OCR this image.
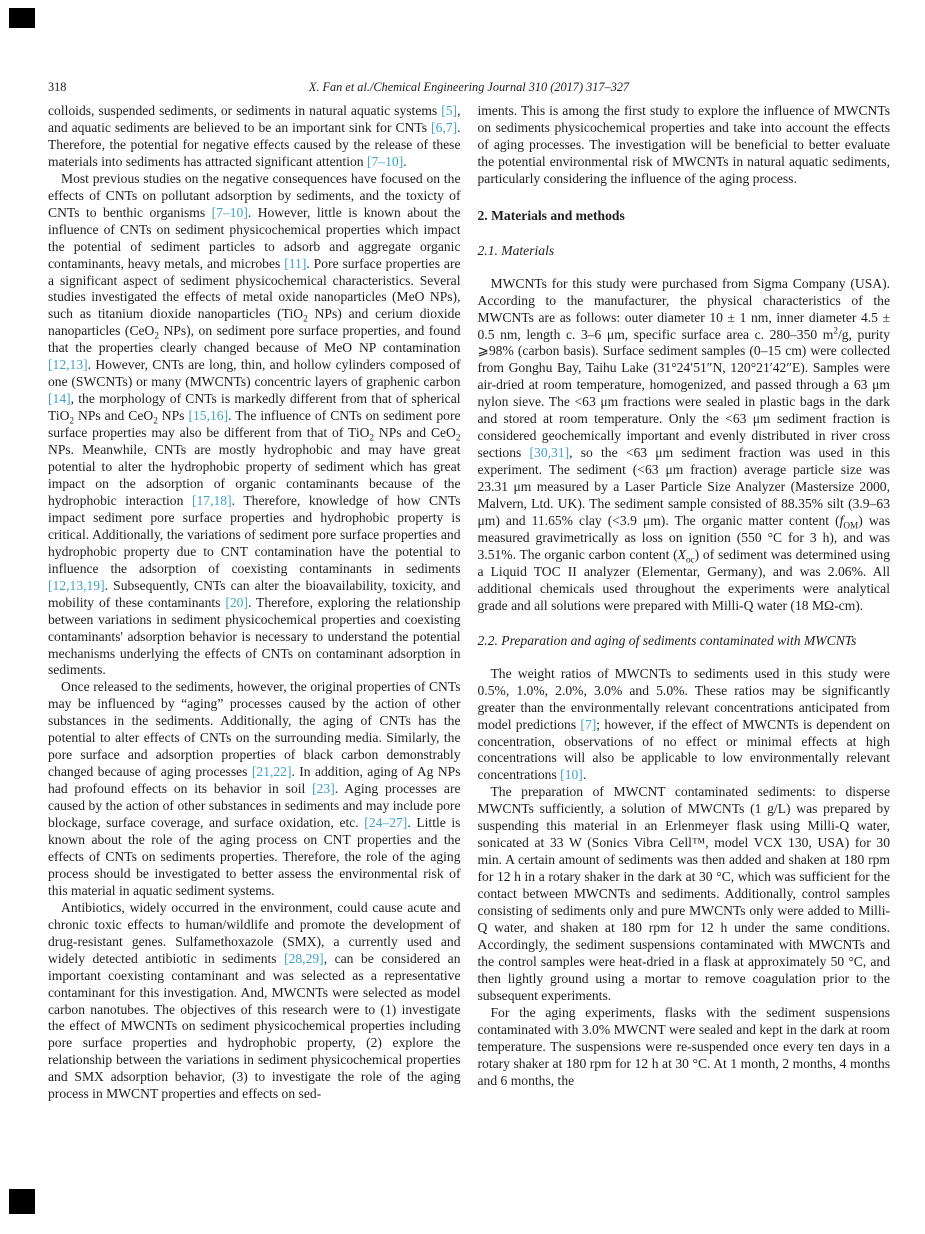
318	X. Fan et al./Chemical Engineering Journal 310 (2017) 317–327

colloids, suspended sediments, or sediments in natural aquatic systems [5], and aquatic sediments are believed to be an important sink for CNTs [6,7]. Therefore, the potential for negative effects caused by the release of these materials into sediments has attracted significant attention [7–10].

Most previous studies on the negative consequences have focused on the effects of CNTs on pollutant adsorption by sediments, and the toxicty of CNTs to benthic organisms [7–10]. However, little is known about the influence of CNTs on sediment physicochemical properties which impact the potential of sediment particles to adsorb and aggregate organic contaminants, heavy metals, and microbes [11]. Pore surface properties are a significant aspect of sediment physicochemical characteristics. Several studies investigated the effects of metal oxide nanoparticles (MeO NPs), such as titanium dioxide nanoparticles (TiO$_2$ NPs) and cerium dioxide nanoparticles (CeO$_2$ NPs), on sediment pore surface properties, and found that the properties clearly changed because of MeO NP contamination [12,13]. However, CNTs are long, thin, and hollow cylinders composed of one (SWCNTs) or many (MWCNTs) concentric layers of graphenic carbon [14], the morphology of CNTs is markedly different from that of spherical TiO$_2$ NPs and CeO$_2$ NPs [15,16]. The influence of CNTs on sediment pore surface properties may also be different from that of TiO$_2$ NPs and CeO$_2$ NPs. Meanwhile, CNTs are mostly hydrophobic and may have great potential to alter the hydrophobic property of sediment which has great impact on the adsorption of organic contaminants because of the hydrophobic interaction [17,18]. Therefore, knowledge of how CNTs impact sediment pore surface properties and hydrophobic property is critical. Additionally, the variations of sediment pore surface properties and hydrophobic property due to CNT contamination have the potential to influence the adsorption of coexisting contaminants in sediments [12,13,19]. Subsequently, CNTs can alter the bioavailability, toxicity, and mobility of these contaminants [20]. Therefore, exploring the relationship between variations in sediment physicochemical properties and coexisting contaminants' adsorption behavior is necessary to understand the potential mechanisms underlying the effects of CNTs on contaminant adsorption in sediments.

Once released to the sediments, however, the original properties of CNTs may be influenced by “aging” processes caused by the action of other substances in the sediments. Additionally, the aging of CNTs has the potential to alter effects of CNTs on the surrounding media. Similarly, the pore surface and adsorption properties of black carbon demonstrably changed because of aging processes [21,22]. In addition, aging of Ag NPs had profound effects on its behavior in soil [23]. Aging processes are caused by the action of other substances in sediments and may include pore blockage, surface coverage, and surface oxidation, etc. [24–27]. Little is known about the role of the aging process on CNT properties and the effects of CNTs on sediments properties. Therefore, the role of the aging process should be investigated to better assess the environmental risk of this material in aquatic sediment systems.

Antibiotics, widely occurred in the environment, could cause acute and chronic toxic effects to human/wildlife and promote the development of drug-resistant genes. Sulfamethoxazole (SMX), a currently used and widely detected antibiotic in sediments [28,29], can be considered an important coexisting contaminant and was selected as a representative contaminant for this investigation. And, MWCNTs were selected as model carbon nanotubes. The objectives of this research were to (1) investigate the effect of MWCNTs on sediment physicochemical properties including pore surface properties and hydrophobic property, (2) explore the relationship between the variations in sediment physicochemical properties and SMX adsorption behavior, (3) to investigate the role of the aging process in MWCNT properties and effects on sed-

iments. This is among the first study to explore the influence of MWCNTs on sediments physicochemical properties and take into account the effects of aging processes. The investigation will be beneficial to better evaluate the potential environmental risk of MWCNTs in natural aquatic sediments, particularly considering the influence of the aging process.

2. Materials and methods
2.1. Materials

MWCNTs for this study were purchased from Sigma Company (USA). According to the manufacturer, the physical characteristics of the MWCNTs are as follows: outer diameter 10 ± 1 nm, inner diameter 4.5 ± 0.5 nm, length c. 3–6 μm, specific surface area c. 280–350 $m^2/g$, purity ⩾98% (carbon basis). Surface sediment samples (0–15 cm) were collected from Gonghu Bay, Taihu Lake (31°24′51″N, 120°21′42″E). Samples were air-dried at room temperature, homogenized, and passed through a 63 μm nylon sieve. The <63 μm fractions were sealed in plastic bags in the dark and stored at room temperature. Only the <63 μm sediment fraction is considered geochemically important and evenly distributed in river cross sections [30,31], so the <63 μm sediment fraction was used in this experiment. The sediment (<63 μm fraction) average particle size was 23.31 μm measured by a Laser Particle Size Analyzer (Mastersize 2000, Malvern, Ltd. UK). The sediment sample consisted of 88.35% silt (3.9–63 μm) and 11.65% clay (<3.9 μm). The organic matter content $(f_{OM})$ was measured gravimetrically as loss on ignition (550 °C for 3 h), and was 3.51%. The organic carbon content $(X_{oc})$ of sediment was determined using a Liquid TOC II analyzer (Elementar, Germany), and was 2.06%. All additional chemicals used throughout the experiments were analytical grade and all solutions were prepared with Milli-Q water (18 MΩ-cm).

2.2. Preparation and aging of sediments contaminated with MWCNTs

The weight ratios of MWCNTs to sediments used in this study were 0.5%, 1.0%, 2.0%, 3.0% and 5.0%. These ratios may be significantly greater than the environmentally relevant concentrations anticipated from model predictions [7]; however, if the effect of MWCNTs is dependent on concentration, observations of no effect or minimal effects at high concentrations will also be applicable to low environmentally relevant concentrations [10].

The preparation of MWCNT contaminated sediments: to disperse MWCNTs sufficiently, a solution of MWCNTs (1 g/L) was prepared by suspending this material in an Erlenmeyer flask using Milli-Q water, sonicated at 33 W (Sonics Vibra Cell™, model VCX 130, USA) for 30 min. A certain amount of sediments was then added and shaken at 180 rpm for 12 h in a rotary shaker in the dark at 30 °C, which was sufficient for the contact between MWCNTs and sediments. Additionally, control samples consisting of sediments only and pure MWCNTs only were added to Milli-Q water, and shaken at 180 rpm for 12 h under the same conditions. Accordingly, the sediment suspensions contaminated with MWCNTs and the control samples were heat-dried in a flask at approximately 50 °C, and then lightly ground using a mortar to remove coagulation prior to the subsequent experiments.

For the aging experiments, flasks with the sediment suspensions contaminated with 3.0% MWCNT were sealed and kept in the dark at room temperature. The suspensions were re-suspended once every ten days in a rotary shaker at 180 rpm for 12 h at 30 °C. At 1 month, 2 months, 4 months and 6 months, the
